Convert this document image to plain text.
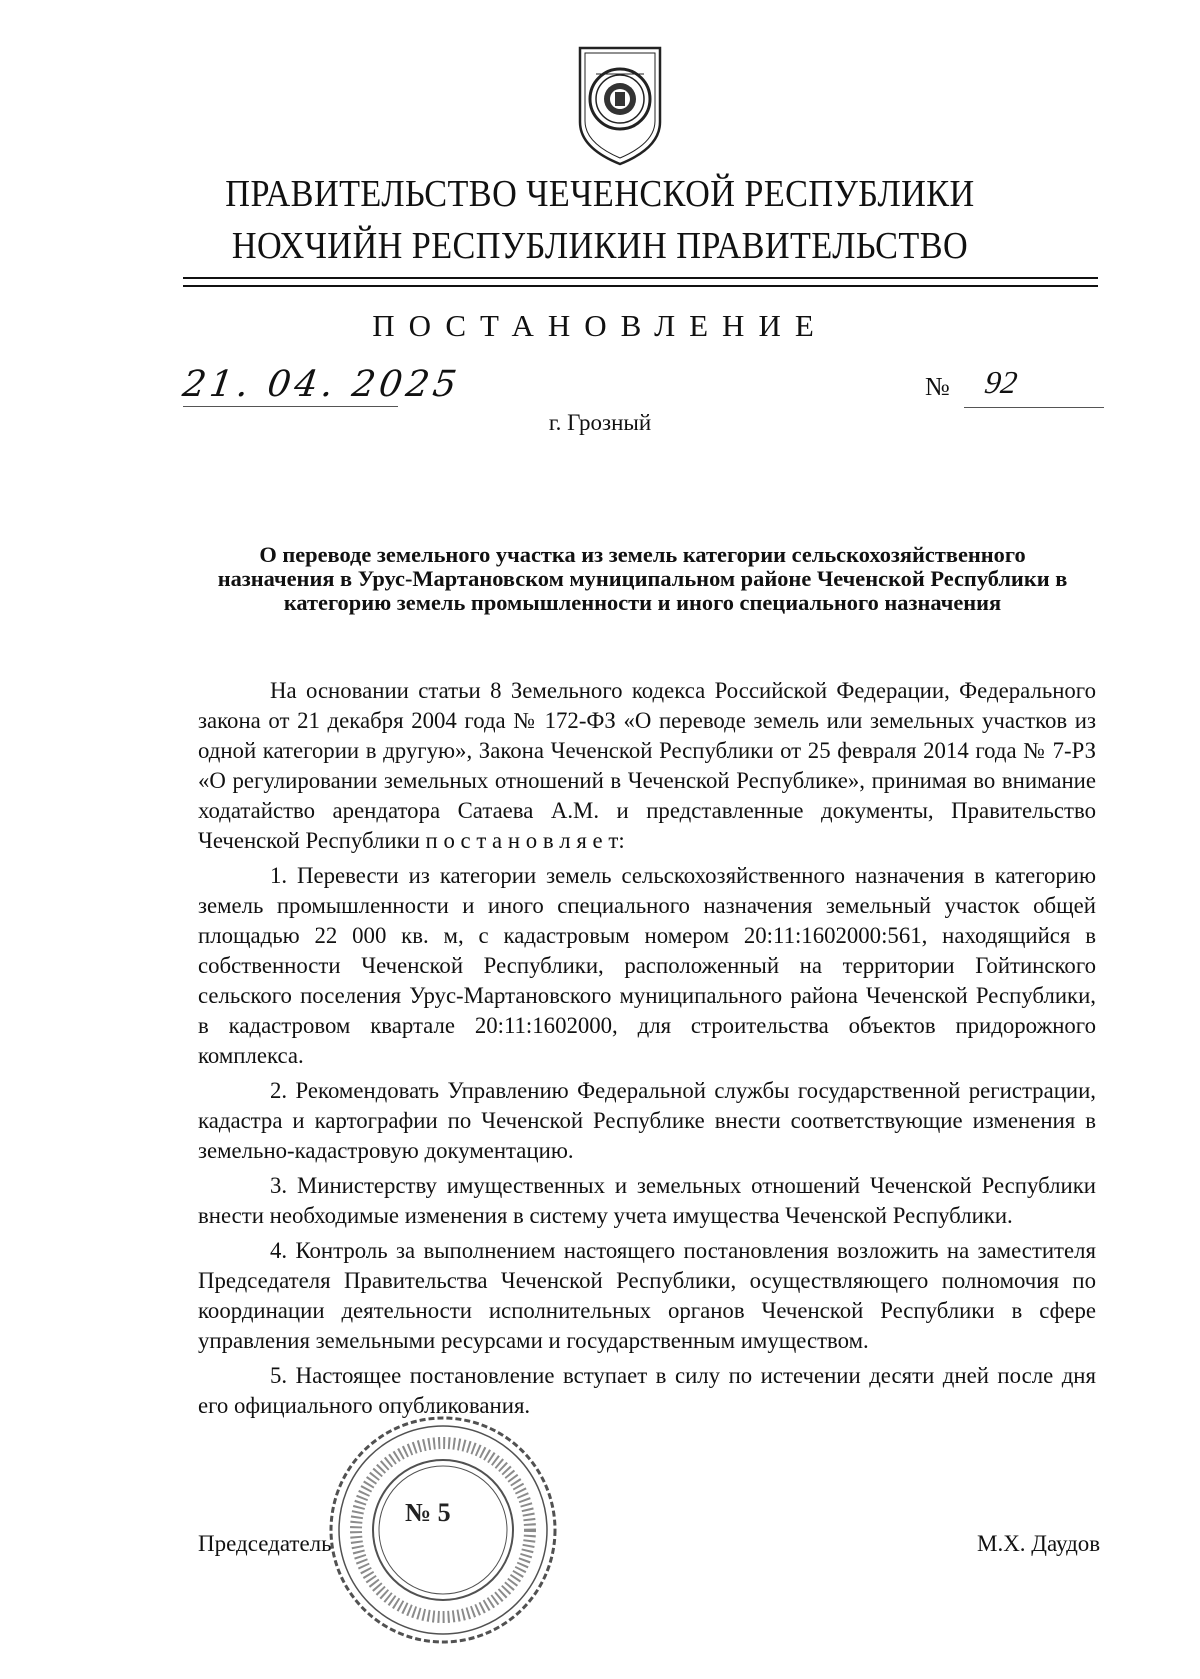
ПРАВИТЕЛЬСТВО ЧЕЧЕНСКОЙ РЕСПУБЛИКИ
НОХЧИЙН РЕСПУБЛИКИН ПРАВИТЕЛЬСТВО
ПОСТАНОВЛЕНИЕ
21. 04. 2025	№ 92
г. Грозный
О переводе земельного участка из земель категории сельскохозяйственного назначения в Урус-Мартановском муниципальном районе Чеченской Республики в категорию земель промышленности и иного специального назначения

На основании статьи 8 Земельного кодекса Российской Федерации, Федерального закона от 21 декабря 2004 года № 172-ФЗ «О переводе земель или земельных участков из одной категории в другую», Закона Чеченской Республики от 25 февраля 2014 года № 7-РЗ «О регулировании земельных отношений в Чеченской Республике», принимая во внимание ходатайство арендатора Сатаева А.М. и представленные документы, Правительство Чеченской Республики п о с т а н о в л я е т:

1. Перевести из категории земель сельскохозяйственного назначения в категорию земель промышленности и иного специального назначения земельный участок общей площадью 22 000 кв. м, с кадастровым номером 20:11:1602000:561, находящийся в собственности Чеченской Республики, расположенный на территории Гойтинского сельского поселения Урус-Мартановского муниципального района Чеченской Республики, в кадастровом квартале 20:11:1602000, для строительства объектов придорожного комплекса.

2. Рекомендовать Управлению Федеральной службы государственной регистрации, кадастра и картографии по Чеченской Республике внести соответствующие изменения в земельно-кадастровую документацию.

3. Министерству имущественных и земельных отношений Чеченской Республики внести необходимые изменения в систему учета имущества Чеченской Республики.

4. Контроль за выполнением настоящего постановления возложить на заместителя Председателя Правительства Чеченской Республики, осуществляющего полномочия по координации деятельности исполнительных органов Чеченской Республики в сфере управления земельными ресурсами и государственным имуществом.

5. Настоящее постановление вступает в силу по истечении десяти дней после дня его официального опубликования.

№ 5
Председатель	М.Х. Даудов
